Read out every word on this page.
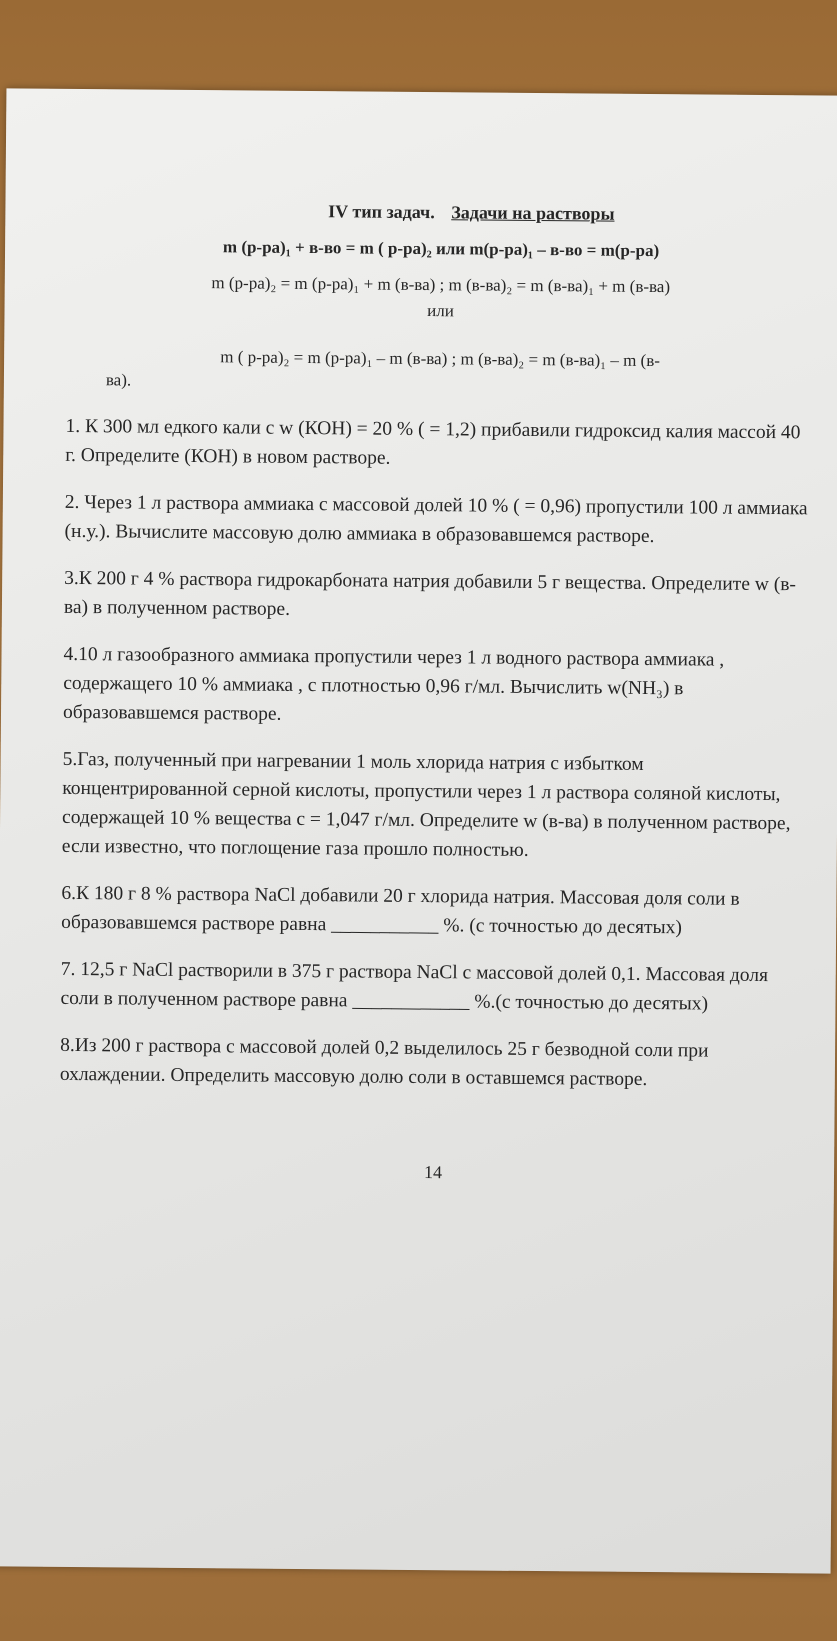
IV тип задач. Задачи на растворы
m (р-ра)₁ + в-во = m ( р-ра)₂ или m(р-ра)₁ – в-во = m(р-ра)
m (р-ра)₂ = m (р-ра)₁ + m (в-ва) ; m (в-ва)₂ = m (в-ва)₁ + m (в-ва)
или
m ( р-ра)₂ = m (р-ра)₁ – m (в-ва) ; m (в-ва)₂ = m (в-ва)₁ – m (в-
ва).

1. К 300 мл едкого кали с w (КОН) = 20 % ( = 1,2) прибавили гидроксид калия массой 40 г. Определите (КОН) в новом растворе.

2. Через 1 л раствора аммиака с массовой долей 10 % ( = 0,96) пропустили 100 л аммиака (н.у.). Вычислите массовую долю аммиака в образовавшемся растворе.

3.К 200 г 4 % раствора гидрокарбоната натрия добавили 5 г вещества. Определите w (в-ва) в полученном растворе.

4.10 л газообразного аммиака пропустили через 1 л водного раствора аммиака , содержащего 10 % аммиака , с плотностью 0,96 г/мл. Вычислить w(NH₃) в образовавшемся растворе.

5.Газ, полученный при нагревании 1 моль хлорида натрия с избытком концентрированной серной кислоты, пропустили через 1 л раствора соляной кислоты, содержащей 10 % вещества с = 1,047 г/мл. Определите w (в-ва) в полученном растворе, если известно, что поглощение газа прошло полностью.

6.К 180 г 8 % раствора NaCl добавили 20 г хлорида натрия. Массовая доля соли в образовавшемся растворе равна ___________ %. (с точностью до десятых)

7. 12,5 г NaCl растворили в 375 г раствора NaCl с массовой долей 0,1. Массовая доля соли в полученном растворе равна ____________ %.(с точностью до десятых)

8.Из 200 г раствора с массовой долей 0,2 выделилось 25 г безводной соли при охлаждении. Определить массовую долю соли в оставшемся растворе.

14
